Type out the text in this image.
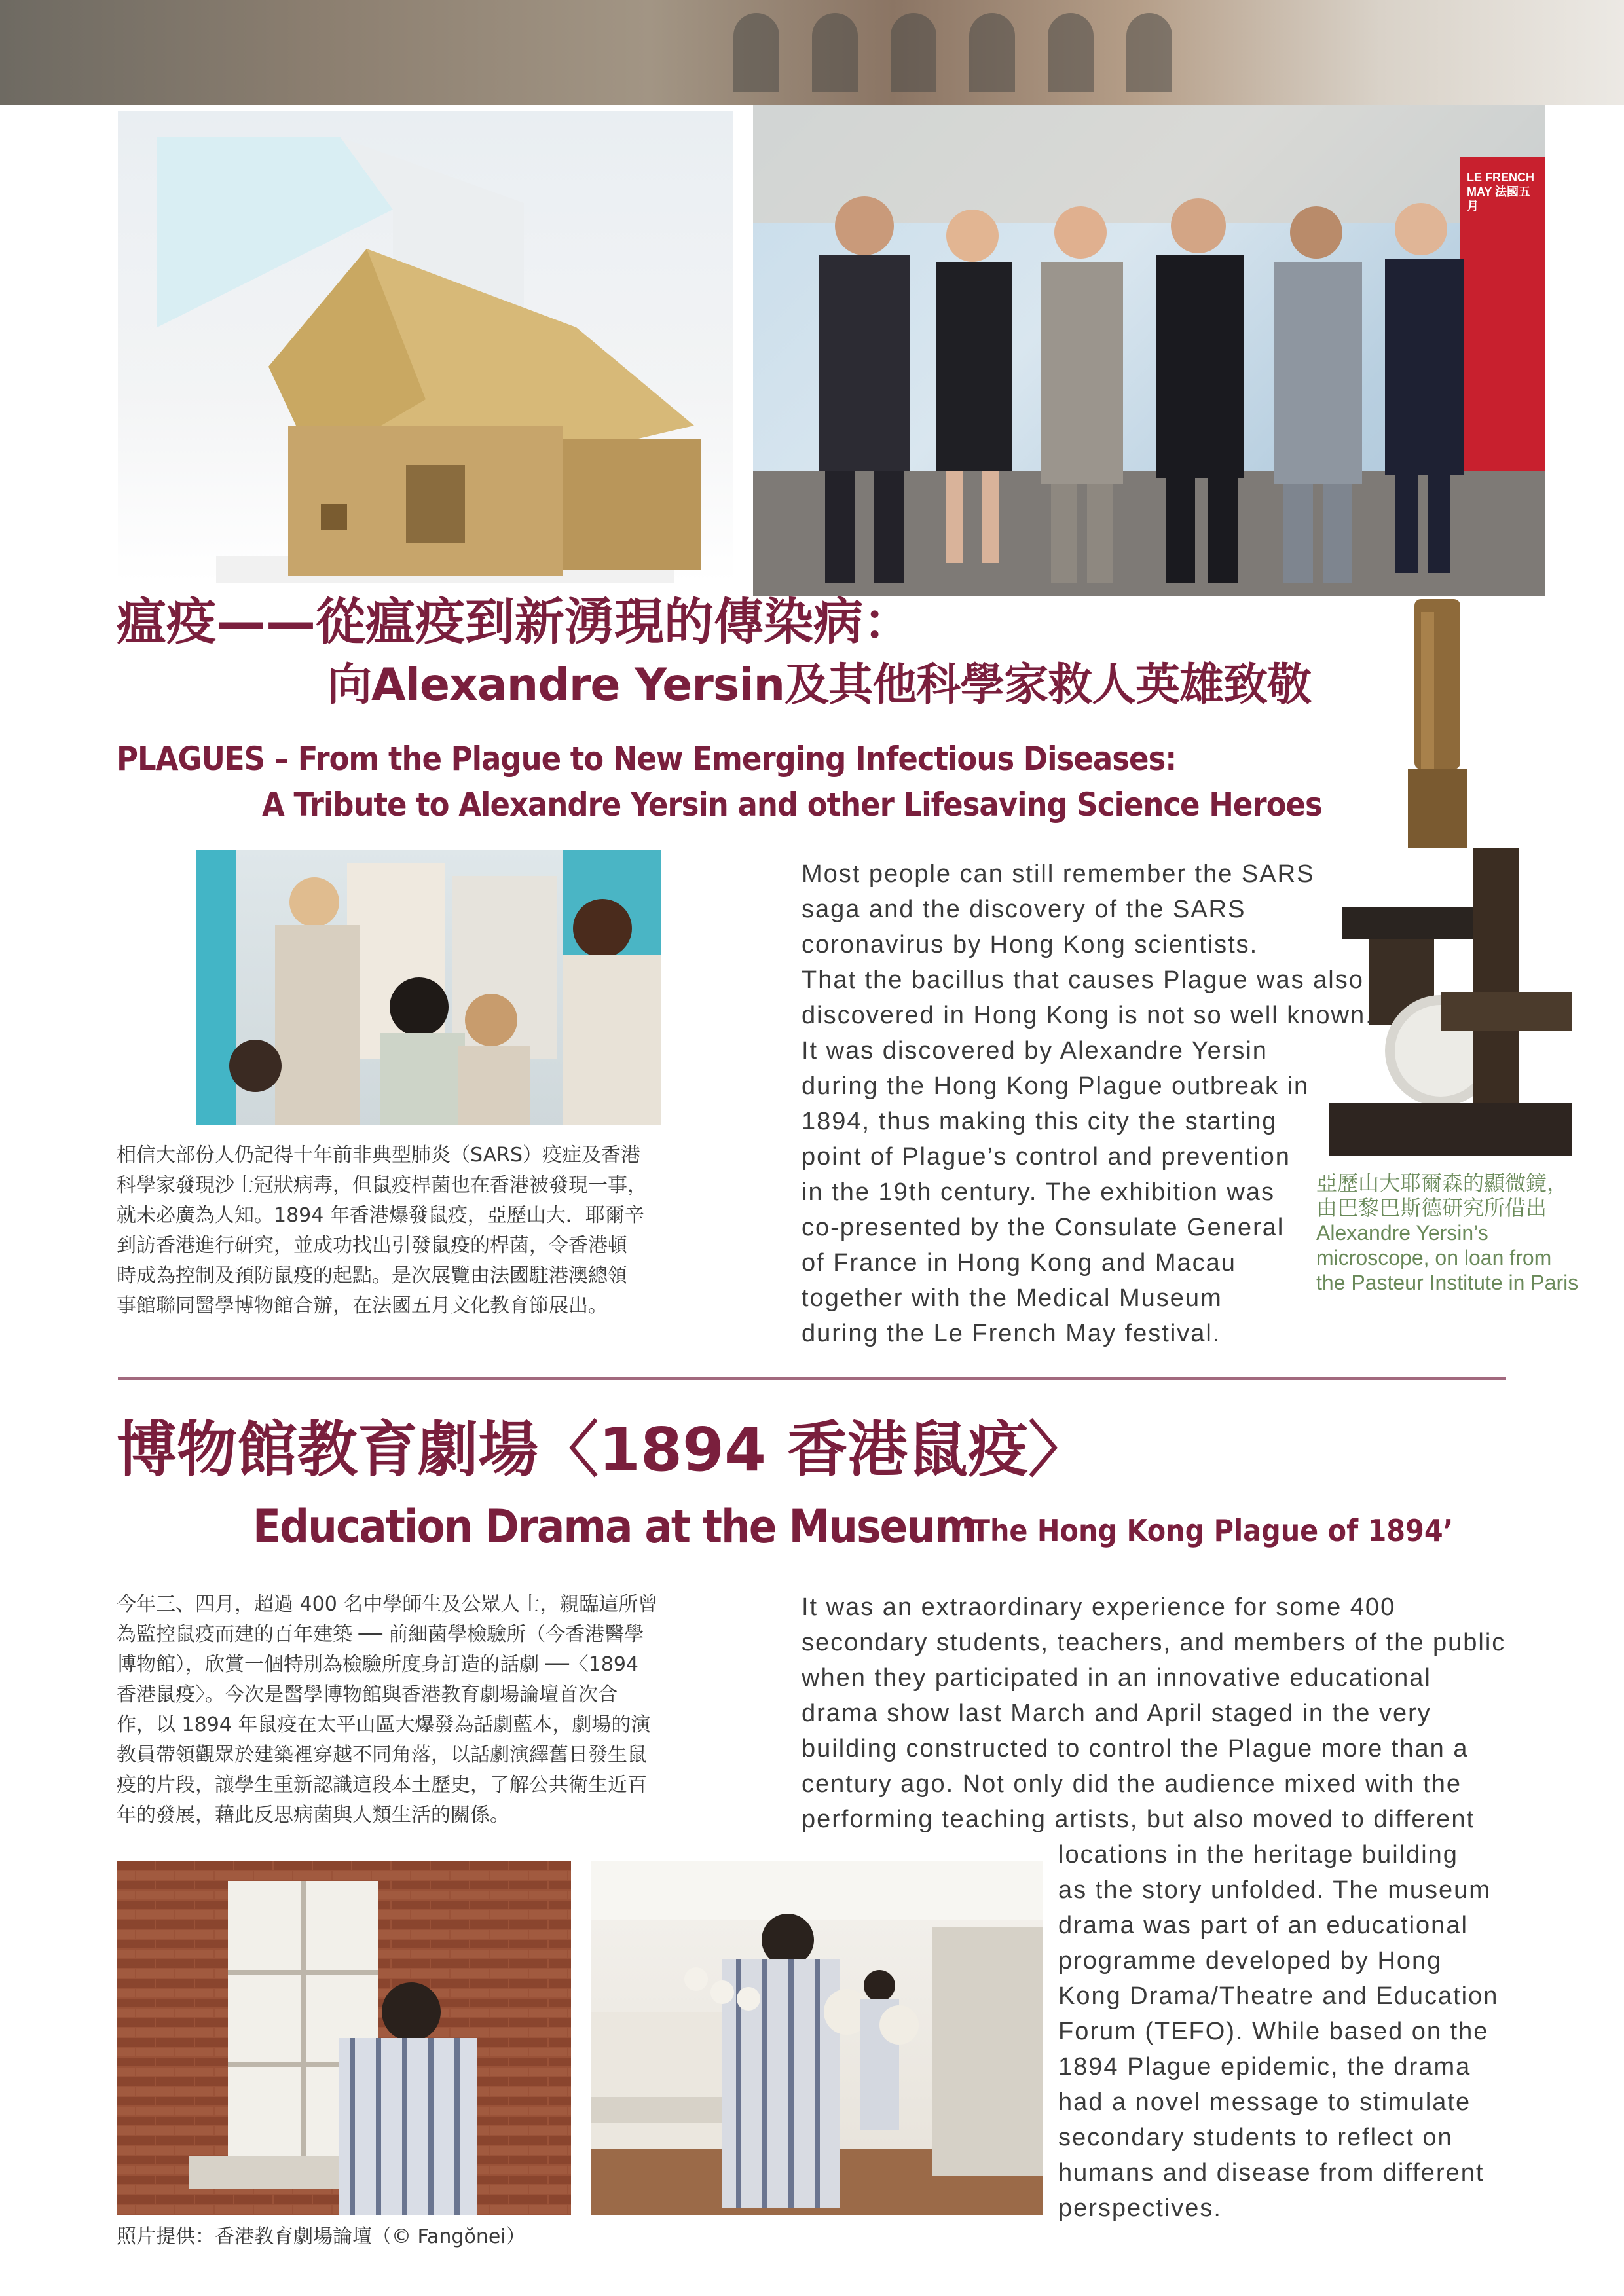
LE FRENCH MAY 法國五月
瘟疫——從瘟疫到新湧現的傳染病：
向Alexandre Yersin及其他科學家救人英雄致敬
PLAGUES – From the Plague to New Emerging Infectious Diseases:
A Tribute to Alexandre Yersin and other Lifesaving Science Heroes
相信大部份人仍記得十年前非典型肺炎（SARS）疫症及香港
科學家發現沙士冠狀病毒，但鼠疫桿菌也在香港被發現一事，
就未必廣為人知。1894 年香港爆發鼠疫，亞歷山大．耶爾辛
到訪香港進行研究，並成功找出引發鼠疫的桿菌，令香港頓
時成為控制及預防鼠疫的起點。是次展覽由法國駐港澳總領
事館聯同醫學博物館合辦，在法國五月文化教育節展出。
Most people can still remember the SARS
saga and the discovery of the SARS
coronavirus by Hong Kong scientists.
That the bacillus that causes Plague was also
discovered in Hong Kong is not so well known.
It was discovered by Alexandre Yersin
during the Hong Kong Plague outbreak in
1894, thus making this city the starting
point of Plague’s control and prevention
in the 19th century. The exhibition was
co-presented by the Consulate General
of France in Hong Kong and Macau
together with the Medical Museum
during the Le French May festival.
亞歷山大耶爾森的顯微鏡，
由巴黎巴斯德研究所借出
Alexandre Yersin’s
microscope, on loan from
the Pasteur Institute in Paris
博物館教育劇場〈1894 香港鼠疫〉
Education Drama at the Museum
‘The Hong Kong Plague of 1894’
今年三、四月，超過 400 名中學師生及公眾人士，親臨這所曾
為監控鼠疫而建的百年建築 ── 前細菌學檢驗所（今香港醫學
博物館），欣賞一個特別為檢驗所度身訂造的話劇 ──〈1894
香港鼠疫〉。今次是醫學博物館與香港教育劇場論壇首次合
作，以 1894 年鼠疫在太平山區大爆發為話劇藍本，劇場的演
教員帶領觀眾於建築裡穿越不同角落，以話劇演繹舊日發生鼠
疫的片段，讓學生重新認識這段本土歷史，了解公共衛生近百
年的發展，藉此反思病菌與人類生活的關係。
It was an extraordinary experience for some 400
secondary students, teachers, and members of the public
when they participated in an innovative educational
drama show last March and April staged in the very
building constructed to control the Plague more than a
century ago. Not only did the audience mixed with the
performing teaching artists, but also moved to different
locations in the heritage building
as the story unfolded. The museum
drama was part of an educational
programme developed by Hong
Kong Drama/Theatre and Education
Forum (TEFO). While based on the
1894 Plague epidemic, the drama
had a novel message to stimulate
secondary students to reflect on
humans and disease from different
perspectives.
照片提供：香港教育劇場論壇（© Fangŏnei）
